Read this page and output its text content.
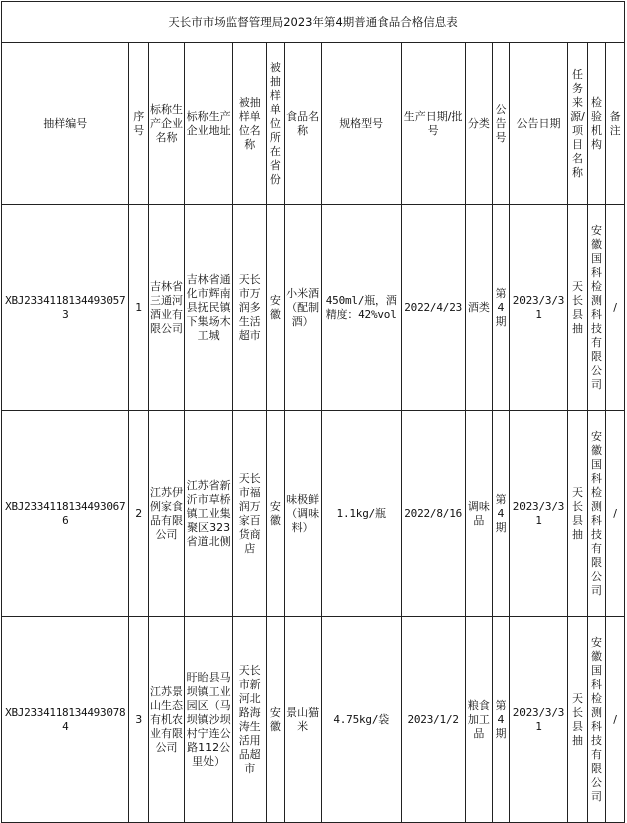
天长市市场监督管理局2023年第4期普通食品合格信息表														
抽样编号	序号	标称生产企业名称	标称生产企业地址	被抽样单位名称	被抽样单位所在省份	食品名称	规格型号	生产日期/批号	分类	公告号	公告日期	任务来源/项目名称	检验机构	备注
XBJ23341181344930573	1	吉林省三通河酒业有限公司	吉林省通化市辉南县抚民镇下集场木工城	天长市万润多生活超市	安徽	小米酒（配制酒）	450ml/瓶，酒精度：42%vol	2022/4/23	酒类	第4期	2023/3/31	天长县抽	安徽国科检测科技有限公司	/
XBJ23341181344930676	2	江苏伊例家食品有限公司	江苏省新沂市草桥镇工业集聚区323省道北侧	天长市福润万家百货商店	安徽	味极鲜（调味料）	1.1kg/瓶	2022/8/16	调味品	第4期	2023/3/31	天长县抽	安徽国科检测科技有限公司	/
XBJ23341181344930784	3	江苏景山生态有机农业有限公司	盱眙县马坝镇工业园区（马坝镇沙坝村宁连公路112公里处）	天长市新河北路海涛生活用品超市	安徽	景山猫米	4.75kg/袋	2023/1/2	粮食加工品	第4期	2023/3/31	天长县抽	安徽国科检测科技有限公司	/
